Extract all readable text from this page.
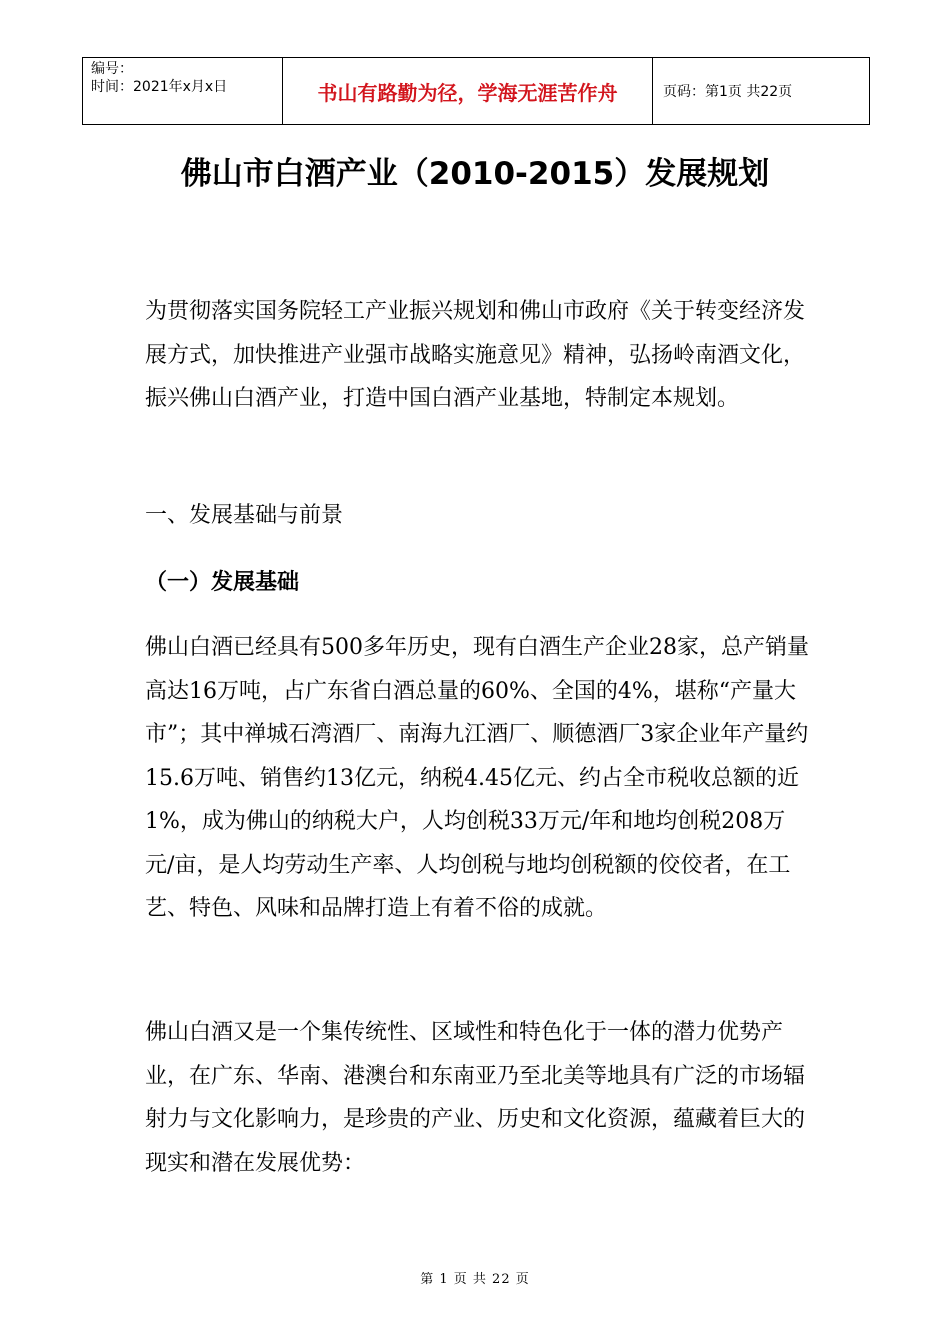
编号：
时间：2021年x月x日	书山有路勤为径，学海无涯苦作舟	页码：第1页 共22页
佛山市白酒产业（2010-2015）发展规划

为贯彻落实国务院轻工产业振兴规划和佛山市政府《关于转变经济发展方式，加快推进产业强市战略实施意见》精神，弘扬岭南酒文化，振兴佛山白酒产业，打造中国白酒产业基地，特制定本规划。

一、发展基础与前景

（一）发展基础

佛山白酒已经具有500多年历史，现有白酒生产企业28家，总产销量高达16万吨，占广东省白酒总量的60%、全国的4%，堪称“产量大市”；其中禅城石湾酒厂、南海九江酒厂、顺德酒厂3家企业年产量约15.6万吨、销售约13亿元，纳税4.45亿元、约占全市税收总额的近1%，成为佛山的纳税大户，人均创税33万元/年和地均创税208万元/亩，是人均劳动生产率、人均创税与地均创税额的佼佼者，在工艺、特色、风味和品牌打造上有着不俗的成就。

佛山白酒又是一个集传统性、区域性和特色化于一体的潜力优势产业，在广东、华南、港澳台和东南亚乃至北美等地具有广泛的市场辐射力与文化影响力，是珍贵的产业、历史和文化资源，蕴藏着巨大的现实和潜在发展优势：

第 1 页 共 22 页
